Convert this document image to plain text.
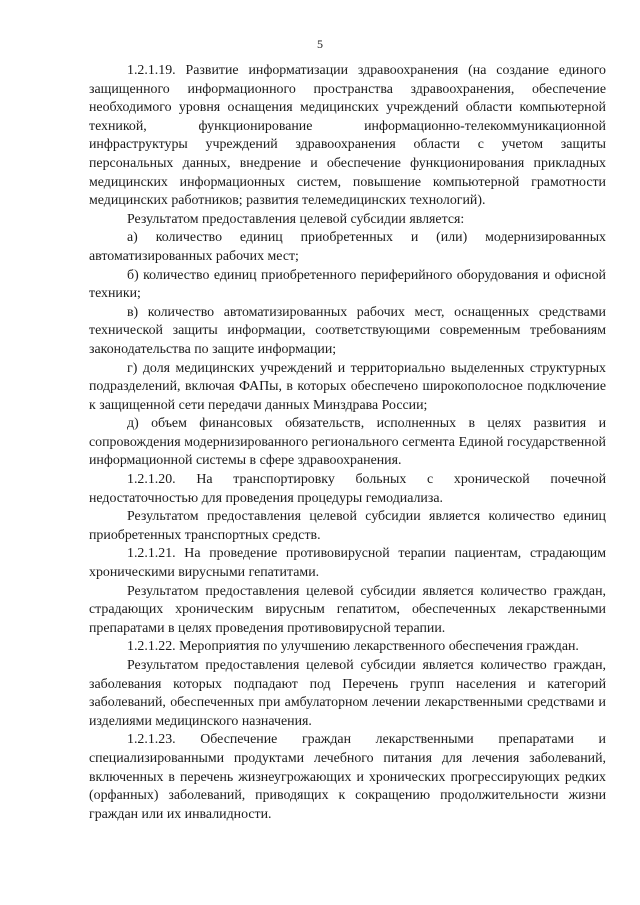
5

1.2.1.19. Развитие информатизации здравоохранения (на создание единого защищенного информационного пространства здравоохранения, обеспечение необходимого уровня оснащения медицинских учреждений области компьютерной техникой, функционирование информационно-телекоммуникационной инфраструктуры учреждений здравоохранения области с учетом защиты персональных данных, внедрение и обеспечение функционирования прикладных медицинских информационных систем, повышение компьютерной грамотности медицинских работников; развития телемедицинских технологий).

Результатом предоставления целевой субсидии является:

а) количество единиц приобретенных и (или) модернизированных автоматизированных рабочих мест;

б) количество единиц приобретенного периферийного оборудования и офисной техники;

в) количество автоматизированных рабочих мест, оснащенных средствами технической защиты информации, соответствующими современным требованиям законодательства по защите информации;

г) доля медицинских учреждений и территориально выделенных структурных подразделений, включая ФАПы, в которых обеспечено широкополосное подключение к защищенной сети передачи данных Минздрава России;

д) объем финансовых обязательств, исполненных в целях развития и сопровождения модернизированного регионального сегмента Единой государственной информационной системы в сфере здравоохранения.

1.2.1.20. На транспортировку больных с хронической почечной недостаточностью для проведения процедуры гемодиализа.

Результатом предоставления целевой субсидии является количество единиц приобретенных транспортных средств.

1.2.1.21. На проведение противовирусной терапии пациентам, страдающим хроническими вирусными гепатитами.

Результатом предоставления целевой субсидии является количество граждан, страдающих хроническим вирусным гепатитом, обеспеченных лекарственными препаратами в целях проведения противовирусной терапии.

1.2.1.22. Мероприятия по улучшению лекарственного обеспечения граждан.

Результатом предоставления целевой субсидии является количество граждан, заболевания которых подпадают под Перечень групп населения и категорий заболеваний, обеспеченных при амбулаторном лечении лекарственными средствами и изделиями медицинского назначения.

1.2.1.23. Обеспечение граждан лекарственными препаратами и специализированными продуктами лечебного питания для лечения заболеваний, включенных в перечень жизнеугрожающих и хронических прогрессирующих редких (орфанных) заболеваний, приводящих к сокращению продолжительности жизни граждан или их инвалидности.
